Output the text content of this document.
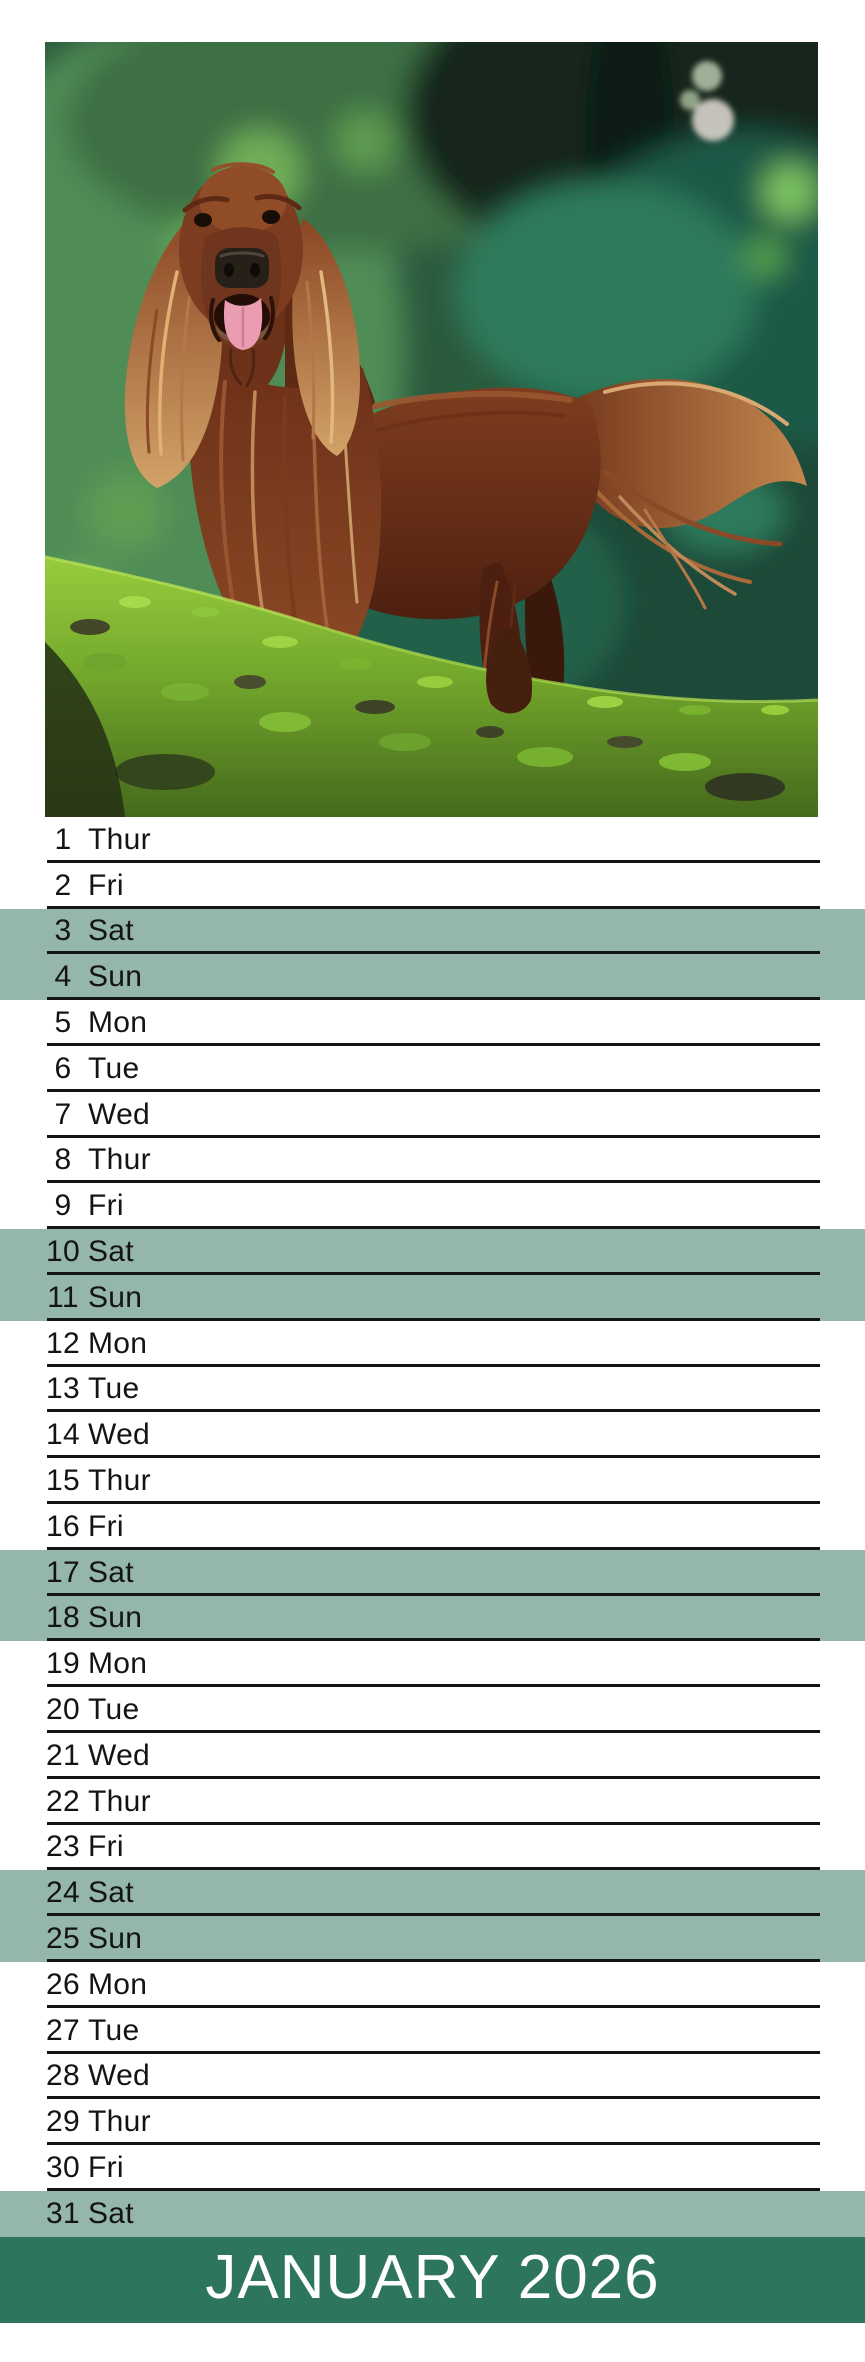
1 Thur
2 Fri
3 Sat
4 Sun
5 Mon
6 Tue
7 Wed
8 Thur
9 Fri
10 Sat
11 Sun
12 Mon
13 Tue
14 Wed
15 Thur
16 Fri
17 Sat
18 Sun
19 Mon
20 Tue
21 Wed
22 Thur
23 Fri
24 Sat
25 Sun
26 Mon
27 Tue
28 Wed
29 Thur
30 Fri
31 Sat
JANUARY 2026
